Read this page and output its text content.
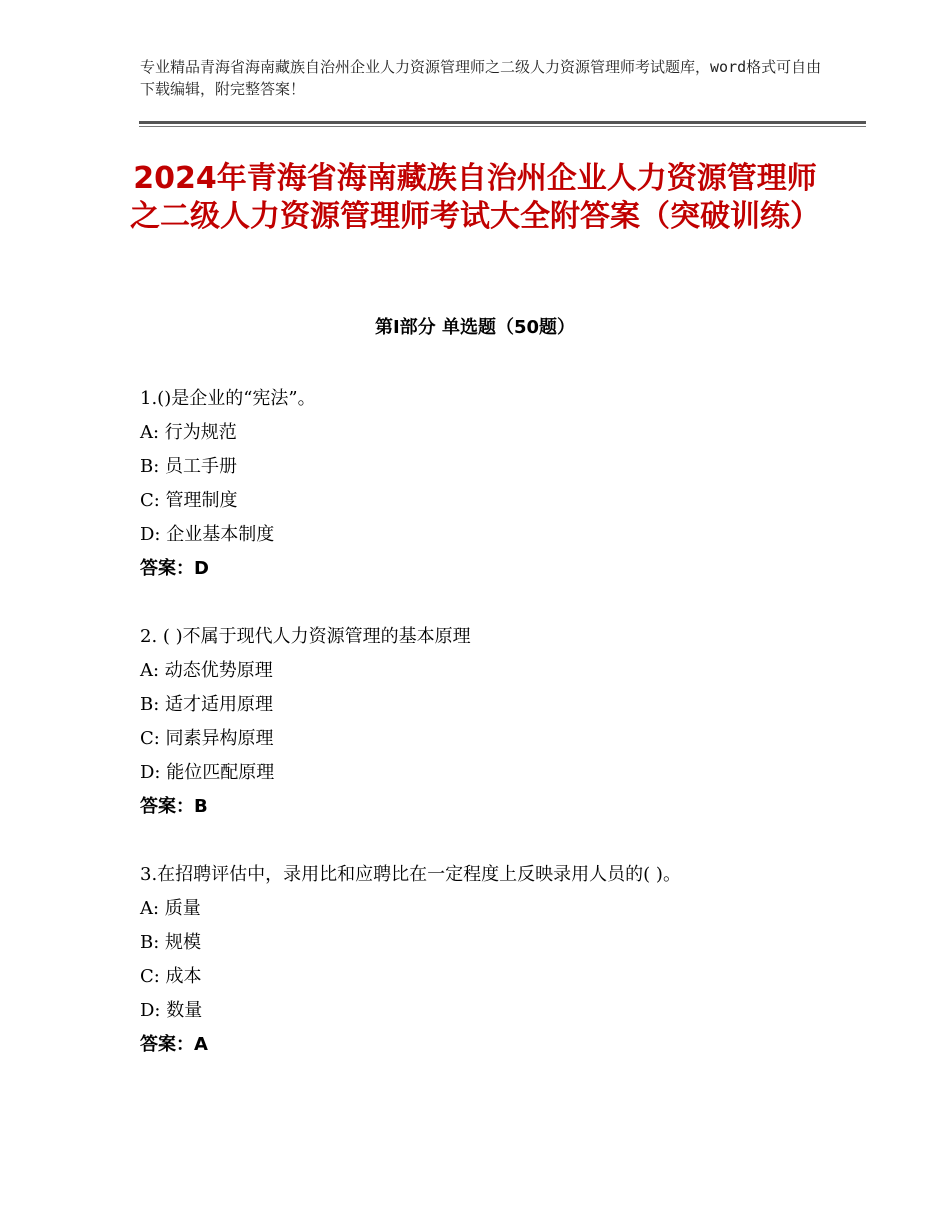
专业精品青海省海南藏族自治州企业人力资源管理师之二级人力资源管理师考试题库，word格式可自由下载编辑，附完整答案！
2024年青海省海南藏族自治州企业人力资源管理师之二级人力资源管理师考试大全附答案（突破训练）
第Ⅰ部分 单选题（50题）
1.()是企业的“宪法”。
A: 行为规范
B: 员工手册
C: 管理制度
D: 企业基本制度
答案：D
2. ( )不属于现代人力资源管理的基本原理
A: 动态优势原理
B: 适才适用原理
C: 同素异构原理
D: 能位匹配原理
答案：B
3.在招聘评估中，录用比和应聘比在一定程度上反映录用人员的( )。
A: 质量
B: 规模
C: 成本
D: 数量
答案：A
